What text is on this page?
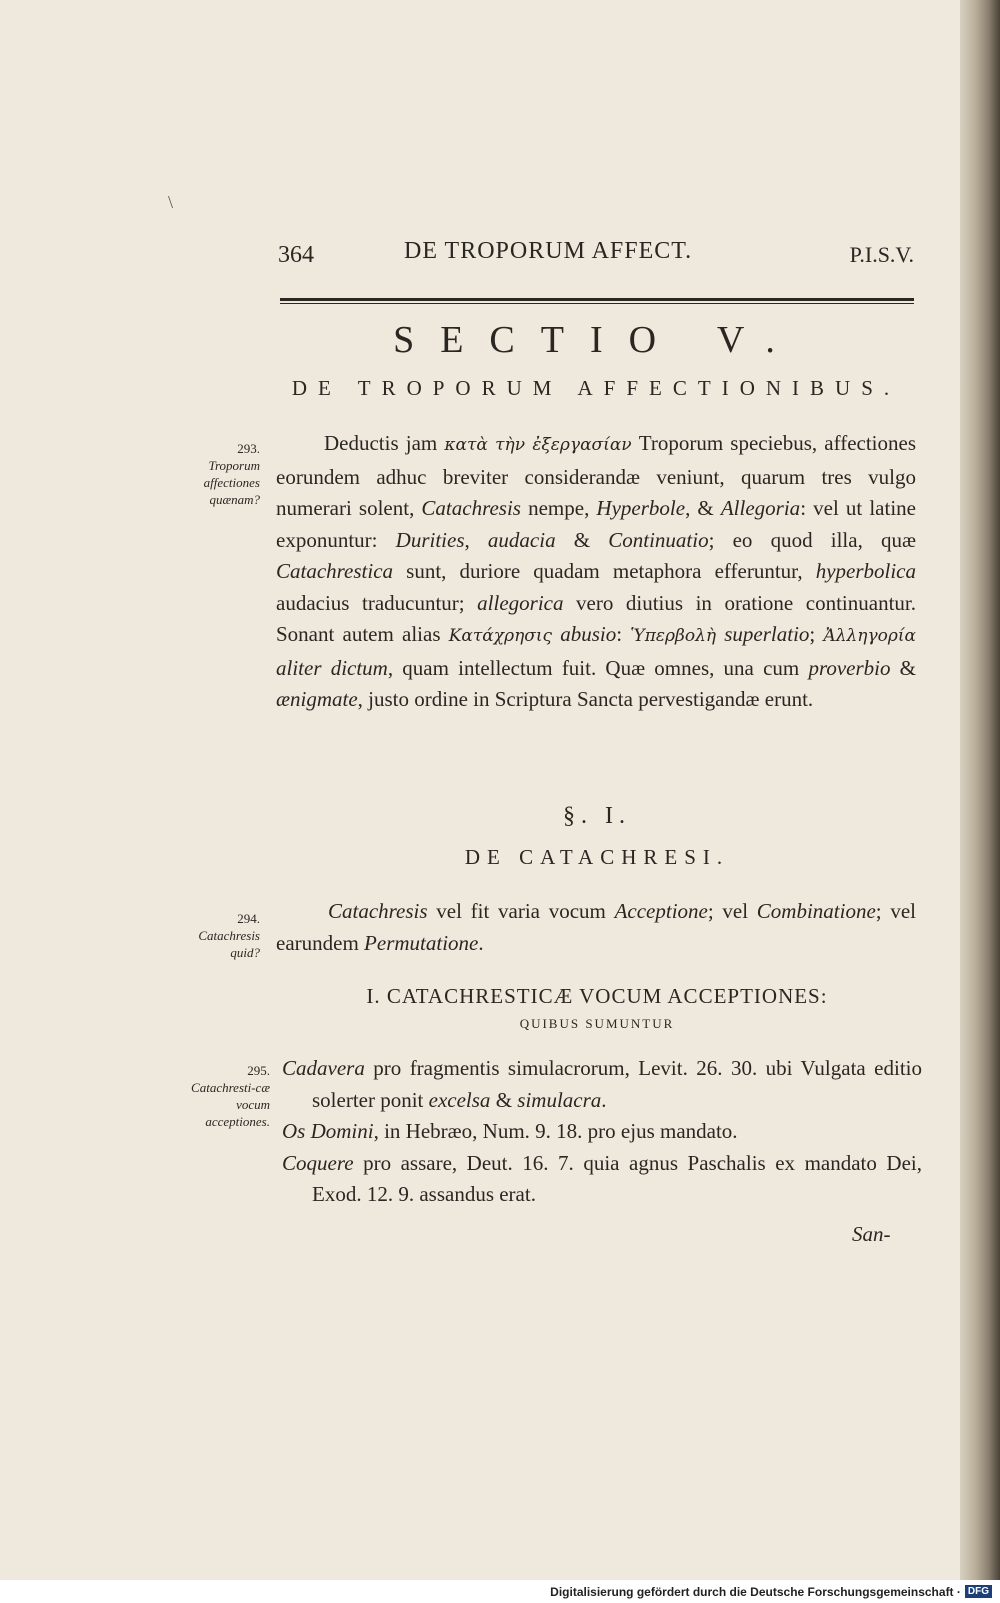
\
364	DE TROPORUM AFFECT.	P.I.S.V.
SECTIO V.
DE TROPORUM AFFECTIONIBUS.
293.
Troporum affectiones quænam?
Deductis jam κατὰ τὴν ἐξεργασίαν Troporum speciebus, affectiones eorundem adhuc breviter considerandæ veniunt, quarum tres vulgo numerari solent, Catachresis nempe, Hyperbole, & Allegoria: vel ut latine exponuntur: Durities, audacia & Continuatio; eo quod illa, quæ Catachrestica sunt, duriore quadam metaphora efferuntur, hyperbolica audacius traducuntur; allegorica vero diutius in oratione continuantur. Sonant autem alias Κατάχρησις abusio: Ὑπερβολὴ superlatio; Ἀλληγορία aliter dictum, quam intellectum fuit. Quæ omnes, una cum proverbio & ænigmate, justo ordine in Scriptura Sancta pervestigandæ erunt.
§. I.
DE CATACHRESI.
294.
Catachresis quid?
Catachresis vel fit varia vocum Acceptione; vel Combinatione; vel earundem Permutatione.
I. CATACHRESTICÆ VOCUM ACCEPTIONES:
QUIBUS SUMUNTUR
295.
Catachresti-cæ vocum acceptiones.
Cadavera pro fragmentis simulacrorum, Levit. 26. 30. ubi Vulgata editio solerter ponit excelsa & simulacra.
Os Domini, in Hebræo, Num. 9. 18. pro ejus mandato.
Coquere pro assare, Deut. 16. 7. quia agnus Paschalis ex mandato Dei, Exod. 12. 9. assandus erat.
San-
Digitalisierung gefördert durch die Deutsche Forschungsgemeinschaft · DFG
